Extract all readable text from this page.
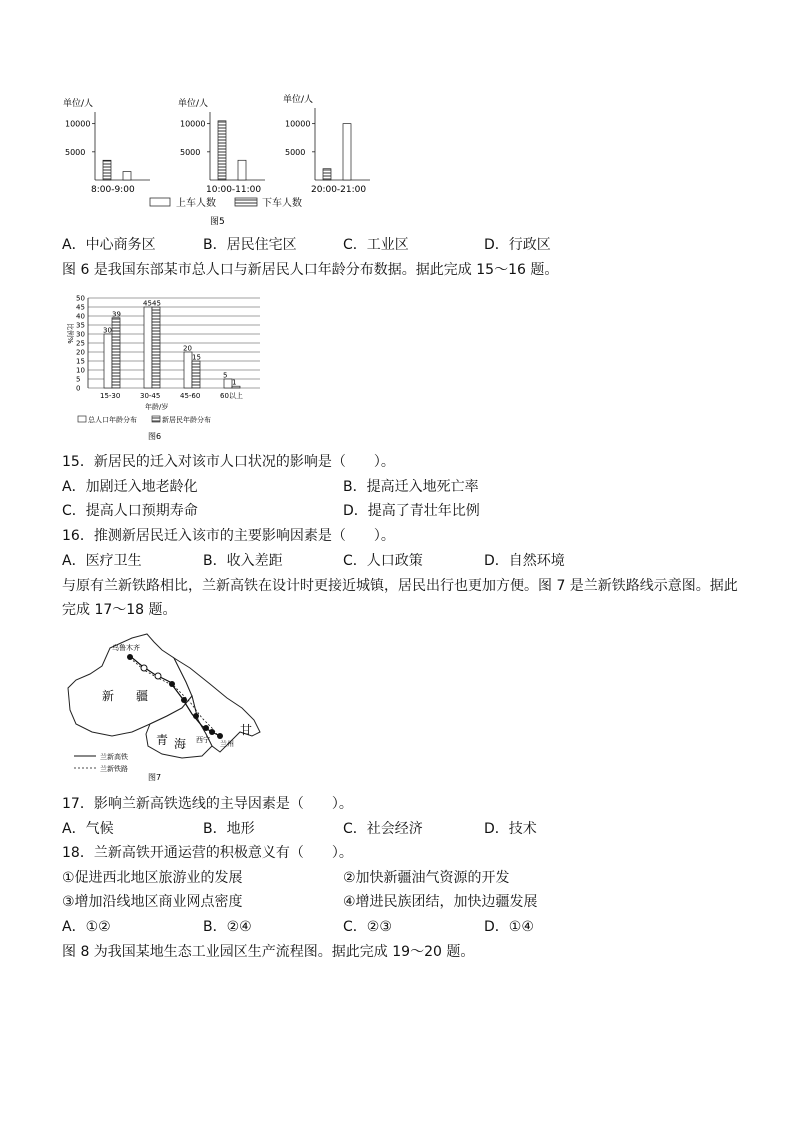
单位/人
10000
5000
8:00-9:00
单位/人
10000
5000
10:00-11:00
单位/人
10000
5000
20:00-21:00
上车人数	下车人数
图5
A．中心商务区	B．居民住宅区	C．工业区	D．行政区
图 6 是我国东部某市总人口与新居民人口年龄分布数据。据此完成 15～16 题。
0
5
10
15
20
25
30
35
40
45
50
30
39
15-30
45 45
30-45
20
15
45-60
5
1
60以上
比例%
年龄/岁
总人口年龄分布	新居民年龄分布
图6
15．新居民的迁入对该市人口状况的影响是（　　）。
A．加剧迁入地老龄化	B．提高迁入地死亡率
C．提高人口预期寿命	D．提高了青壮年比例
16．推测新居民迁入该市的主要影响因素是（　　）。
A．医疗卫生	B．收入差距	C．人口政策	D．自然环境
与原有兰新铁路相比，兰新高铁在设计时更接近城镇，居民出行也更加方便。图 7 是兰新铁路线示意图。据此
完成 17～18 题。
乌鲁木齐
新 疆
青 海
甘
西宁 兰州
兰新高铁
兰新铁路
图7
17．影响兰新高铁选线的主导因素是（　　）。
A．气候	B．地形	C．社会经济	D．技术
18．兰新高铁开通运营的积极意义有（　　）。
①促进西北地区旅游业的发展	②加快新疆油气资源的开发
③增加沿线地区商业网点密度	④增进民族团结，加快边疆发展
A．①②	B．②④	C．②③	D．①④
图 8 为我国某地生态工业园区生产流程图。据此完成 19～20 题。
